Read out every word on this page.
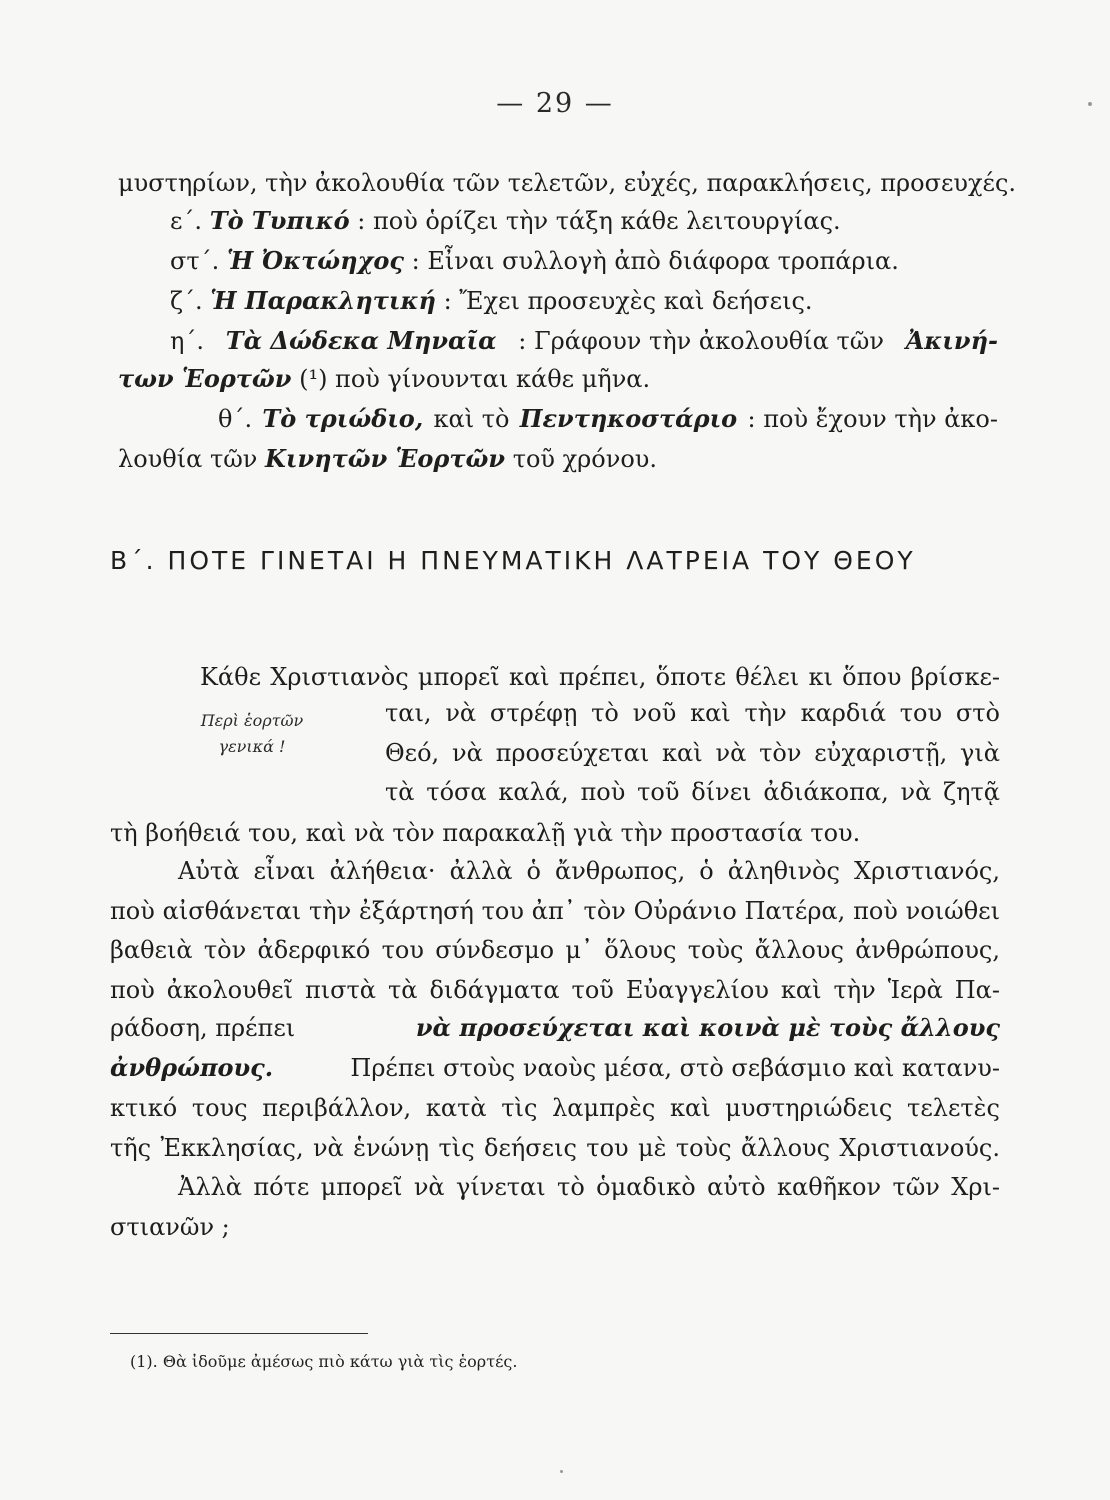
— 29 —
μυστηρίων, τὴν ἀκολουθία τῶν τελετῶν, εὐχές, παρακλήσεις, προσευχές.
ε΄. Τὸ Τυπικό : ποὺ ὁρίζει τὴν τάξη κάθε λειτουργίας.
στ΄. Ἡ Ὀκτώηχος : Εἶναι συλλογὴ ἀπὸ διάφορα τροπάρια.
ζ΄. Ἡ Παρακλητική : Ἔχει προσευχὲς καὶ δεήσεις.
η΄. Τὰ Δώδεκα Μηναῖα : Γράφουν τὴν ἀκολουθία τῶν Ἀκινή-
των Ἑορτῶν (¹) ποὺ γίνουνται κάθε μῆνα.
θ΄. Τὸ τριώδιο, καὶ τὸ Πεντηκοστάριο : ποὺ ἔχουν τὴν ἀκο-
λουθία τῶν Κινητῶν Ἑορτῶν τοῦ χρόνου.
Β΄. ΠΟΤΕ ΓΙΝΕΤΑΙ Η ΠΝΕΥΜΑΤΙΚΗ ΛΑΤΡΕΙΑ ΤΟΥ ΘΕΟΥ
Κάθε Χριστιανὸς μπορεῖ καὶ πρέπει, ὅποτε θέλει κι ὅπου βρίσκε-
Περὶ ἑορτῶν
γενικά !
ται, νὰ στρέφῃ τὸ νοῦ καὶ τὴν καρδιά του στὸ
Θεό, νὰ προσεύχεται καὶ νὰ τὸν εὐχαριστῇ, γιὰ
τὰ τόσα καλά, ποὺ τοῦ δίνει ἀδιάκοπα, νὰ ζητᾷ
τὴ βοήθειά του, καὶ νὰ τὸν παρακαλῇ γιὰ τὴν προστασία του.
Αὐτὰ εἶναι ἀλήθεια· ἀλλὰ ὁ ἄνθρωπος, ὁ ἀληθινὸς Χριστιανός,
ποὺ αἰσθάνεται τὴν ἐξάρτησή του ἀπ᾽ τὸν Οὐράνιο Πατέρα, ποὺ νοιώθει
βαθειὰ τὸν ἀδερφικό του σύνδεσμο μ᾽ ὅλους τοὺς ἄλλους ἀνθρώπους,
ποὺ ἀκολουθεῖ πιστὰ τὰ διδάγματα τοῦ Εὐαγγελίου καὶ τὴν Ἱερὰ Πα-
ράδοση, πρέπει	νὰ προσεύχεται καὶ κοινὰ μὲ τοὺς ἄλλους
ἀνθρώπους.	Πρέπει στοὺς ναοὺς μέσα, στὸ σεβάσμιο καὶ κατανυ-
κτικό τους περιβάλλον, κατὰ τὶς λαμπρὲς καὶ μυστηριώδεις τελετὲς
τῆς Ἐκκλησίας, νὰ ἑνώνῃ τὶς δεήσεις του μὲ τοὺς ἄλλους Χριστιανούς.
Ἀλλὰ πότε μπορεῖ νὰ γίνεται τὸ ὁμαδικὸ αὐτὸ καθῆκον τῶν Χρι-
στιανῶν ;
(1). Θὰ ἰδοῦμε ἀμέσως πιὸ κάτω γιὰ τὶς ἑορτές.
